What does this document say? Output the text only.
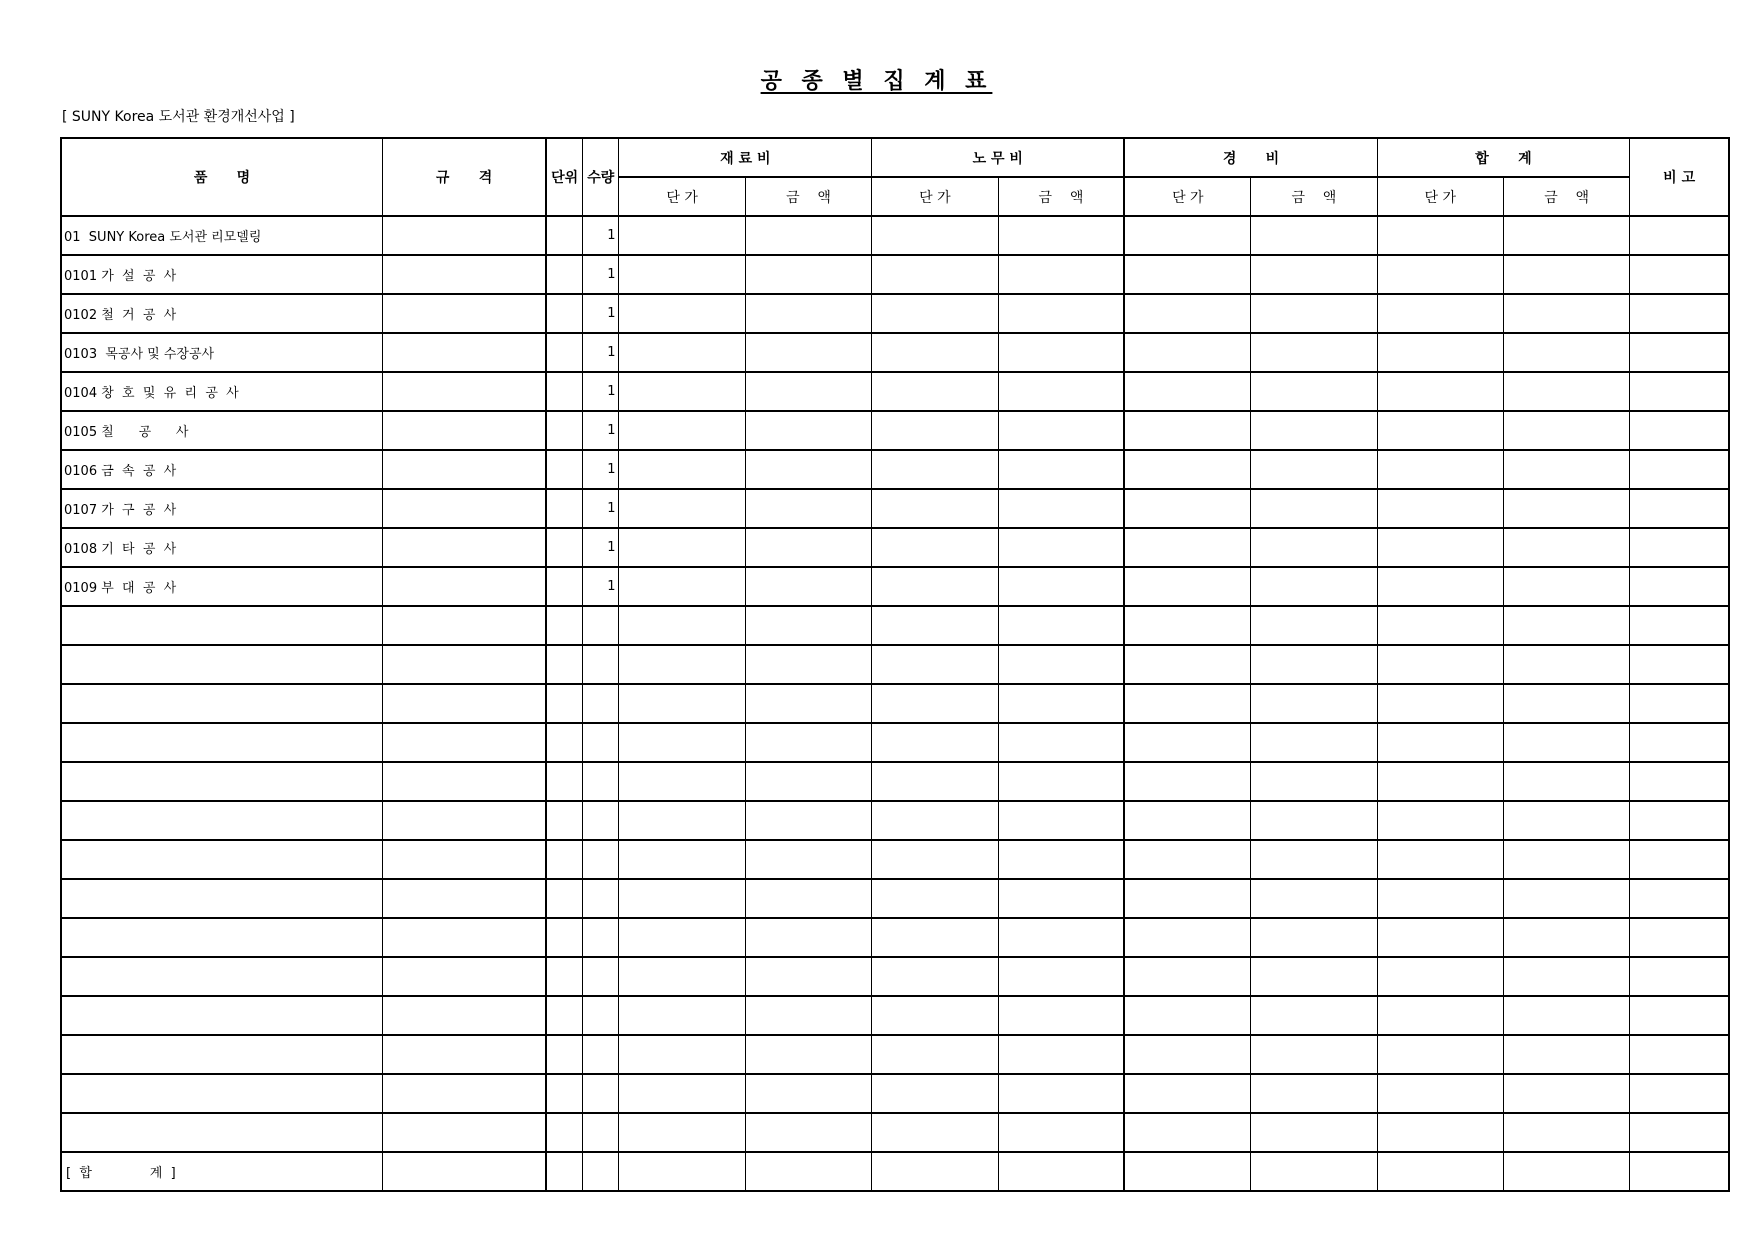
공 종 별 집 계 표
[ SUNY Korea 도서관 환경개선사업 ]
품      명	규      격	단위	수량	재 료 비		노 무 비		경      비		합      계		비 고
				단 가	금    액	단 가	금    액	단 가	금    액	단 가	금    액	
01  SUNY Korea 도서관 리모델링			1									
0101 가  설  공  사			1									
0102 철  거  공  사			1									
0103  목공사 및 수장공사			1									
0104 창  호  및  유  리  공  사			1									
0105 칠      공      사			1									
0106 금  속  공  사			1									
0107 가  구  공  사			1									
0108 기  타  공  사			1									
0109 부  대  공  사			1									

[  합              계  ]												
